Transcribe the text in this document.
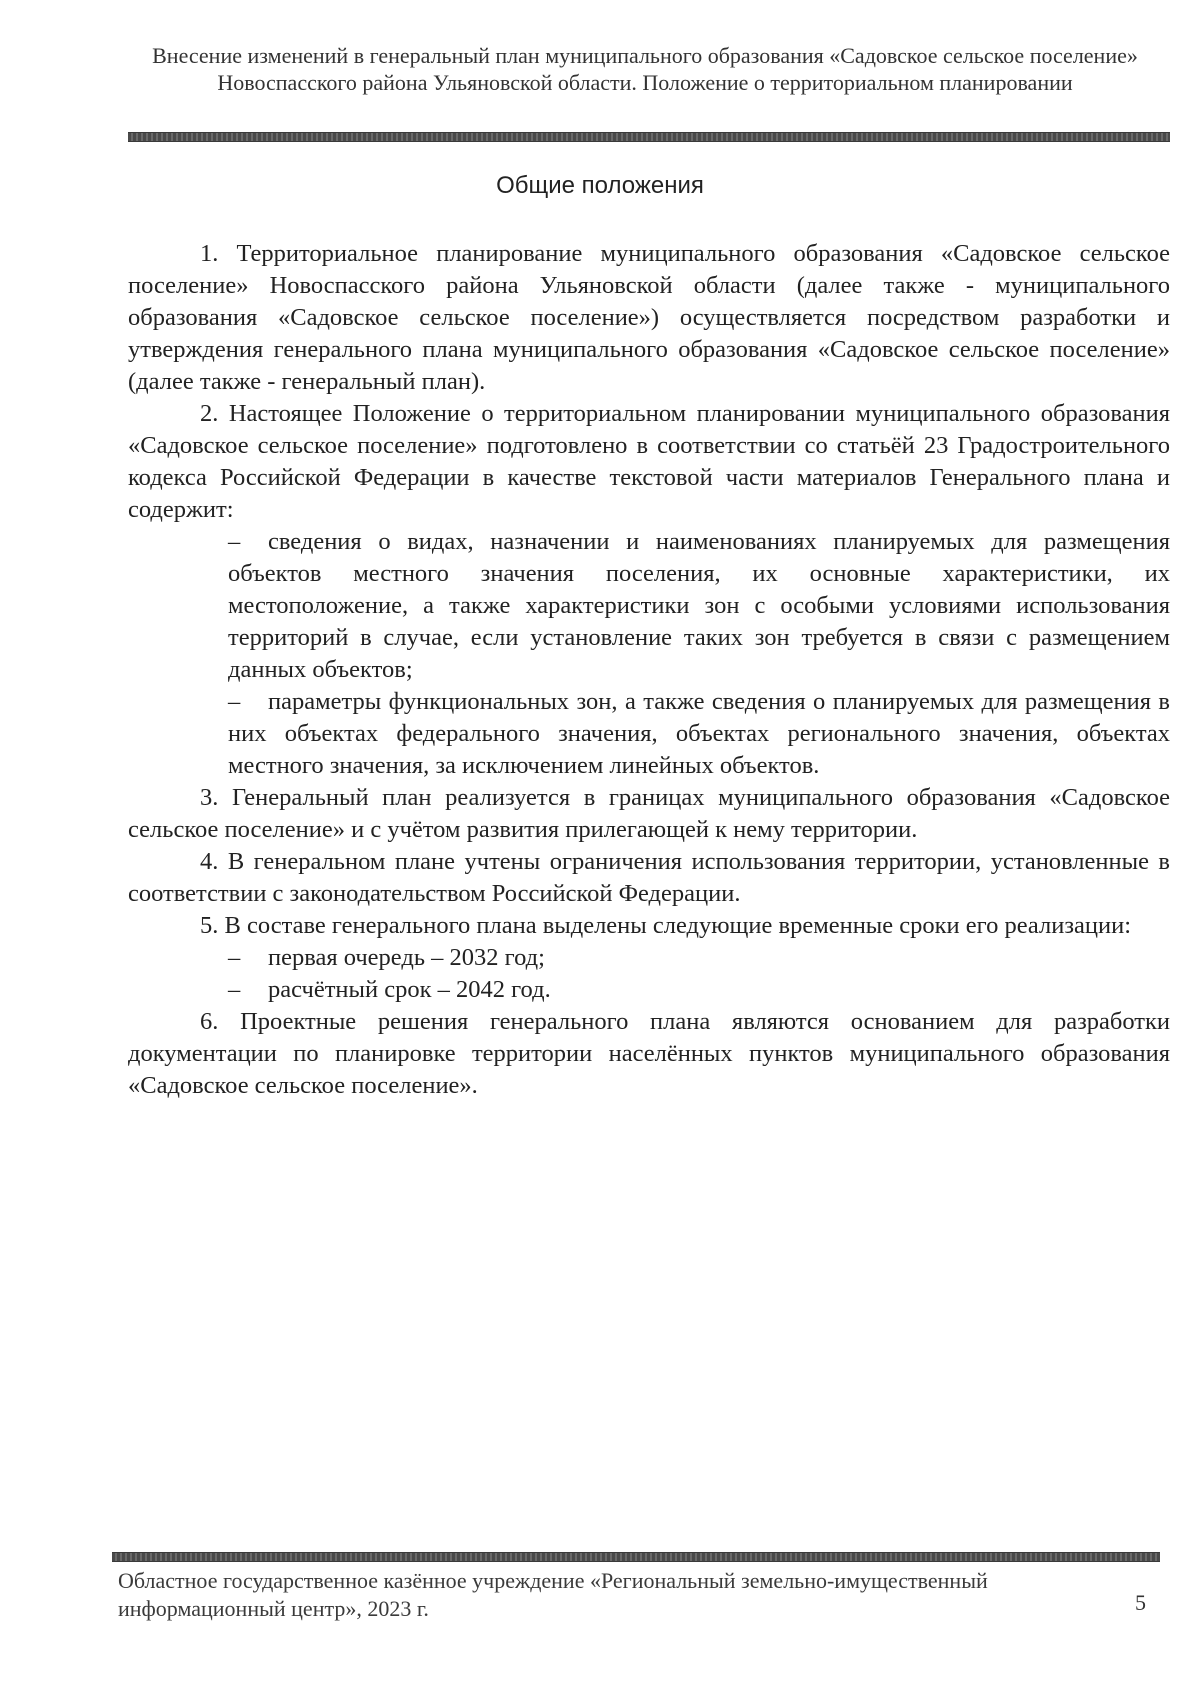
Внесение изменений в генеральный план муниципального образования «Садовское сельское поселение» Новоспасского района Ульяновской области. Положение о территориальном планировании
Общие положения

1. Территориальное планирование муниципального образования «Садовское сельское поселение» Новоспасского района Ульяновской области (далее также - муниципального образования «Садовское сельское поселение») осуществляется посредством разработки и утверждения генерального плана муниципального образования «Садовское сельское поселение» (далее также - генеральный план).

2. Настоящее Положение о территориальном планировании муниципального образования «Садовское сельское поселение» подготовлено в соответствии со статьёй 23 Градостроительного кодекса Российской Федерации в качестве текстовой части материалов Генерального плана и содержит:

– сведения о видах, назначении и наименованиях планируемых для размещения объектов местного значения поселения, их основные характеристики, их местоположение, а также характеристики зон с особыми условиями использования территорий в случае, если установление таких зон требуется в связи с размещением данных объектов;
– параметры функциональных зон, а также сведения о планируемых для размещения в них объектах федерального значения, объектах регионального значения, объектах местного значения, за исключением линейных объектов.

3. Генеральный план реализуется в границах муниципального образования «Садовское сельское поселение» и с учётом развития прилегающей к нему территории.

4. В генеральном плане учтены ограничения использования территории, установленные в соответствии с законодательством Российской Федерации.

5. В составе генерального плана выделены следующие временные сроки его реализации:

– первая очередь – 2032 год;
– расчётный срок – 2042 год.

6. Проектные решения генерального плана являются основанием для разработки документации по планировке территории населённых пунктов муниципального образования «Садовское сельское поселение».

Областное государственное казённое учреждение «Региональный земельно-имущественный информационный центр», 2023 г.	5
